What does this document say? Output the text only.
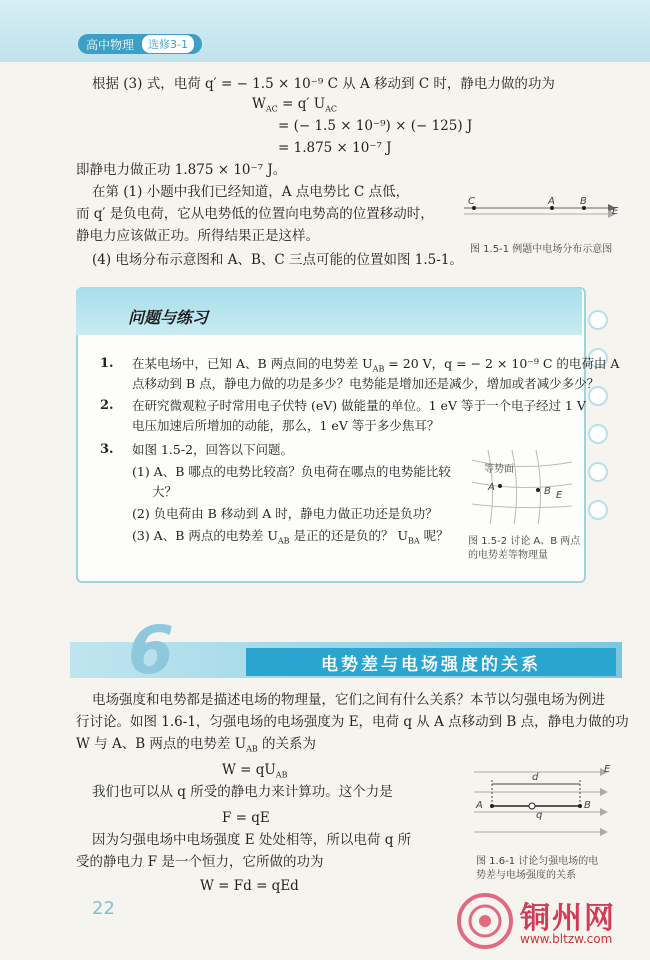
高中物理	选修3-1
根据 (3) 式，电荷 q′ = − 1.5 × 10⁻⁹ C 从 A 移动到 C 时，静电力做的功为
$W_{AC} = q'$ $U_{AC}$
= (− 1.5 × 10⁻⁹) × (− 125) J
= 1.875 × 10⁻⁷ J
即静电力做正功 1.875 × 10⁻⁷ J。
在第 (1) 小题中我们已经知道，A 点电势比 C 点低，
而 q′ 是负电荷，它从电势低的位置向电势高的位置移动时，
静电力应该做正功。所得结果正是这样。
(4) 电场分布示意图和 A、B、C 三点可能的位置如图 1.5-1。
C	A	B
E
图 1.5-1 例题中电场分布示意图
问题与练习
1. 在某电场中，已知 A、B 两点间的电势差 $U_{AB} = 20$ V，q = − 2 × 10⁻⁹ C 的电荷由 A
点移动到 B 点，静电力做的功是多少？电势能是增加还是减少，增加或者减少多少？
2. 在研究微观粒子时常用电子伏特 (eV) 做能量的单位。1 eV 等于一个电子经过 1 V
电压加速后所增加的动能，那么，1 eV 等于多少焦耳？
3. 如图 1.5-2，回答以下问题。
(1) A、B 哪点的电势比较高？负电荷在哪点的电势能比较
大？
(2) 负电荷由 B 移动到 A 时，静电力做正功还是负功？
(3) A、B 两点的电势差 $U_{AB}$ 是正的还是负的？ $U_{BA}$ 呢？
等势面
E
A	B
图 1.5-2 讨论 A、B 两点
的电势差等物理量
6	电势差与电场强度的关系
电场强度和电势都是描述电场的物理量，它们之间有什么关系？本节以匀强电场为例进
行讨论。如图 1.6-1，匀强电场的电场强度为 E，电荷 q 从 A 点移动到 B 点，静电力做的功
W 与 A、B 两点的电势差 $U_{AB}$ 的关系为
$W = qU_{AB}$
我们也可以从 q 所受的静电力来计算功。这个力是
F = qE
因为匀强电场中电场强度 E 处处相等，所以电荷 q 所
受的静电力 F 是一个恒力，它所做的功为
W = Fd = qEd
E
d
A	B
q
图 1.6-1 讨论匀强电场的电
势差与电场强度的关系
22	铜州网
www.bltzw.com
